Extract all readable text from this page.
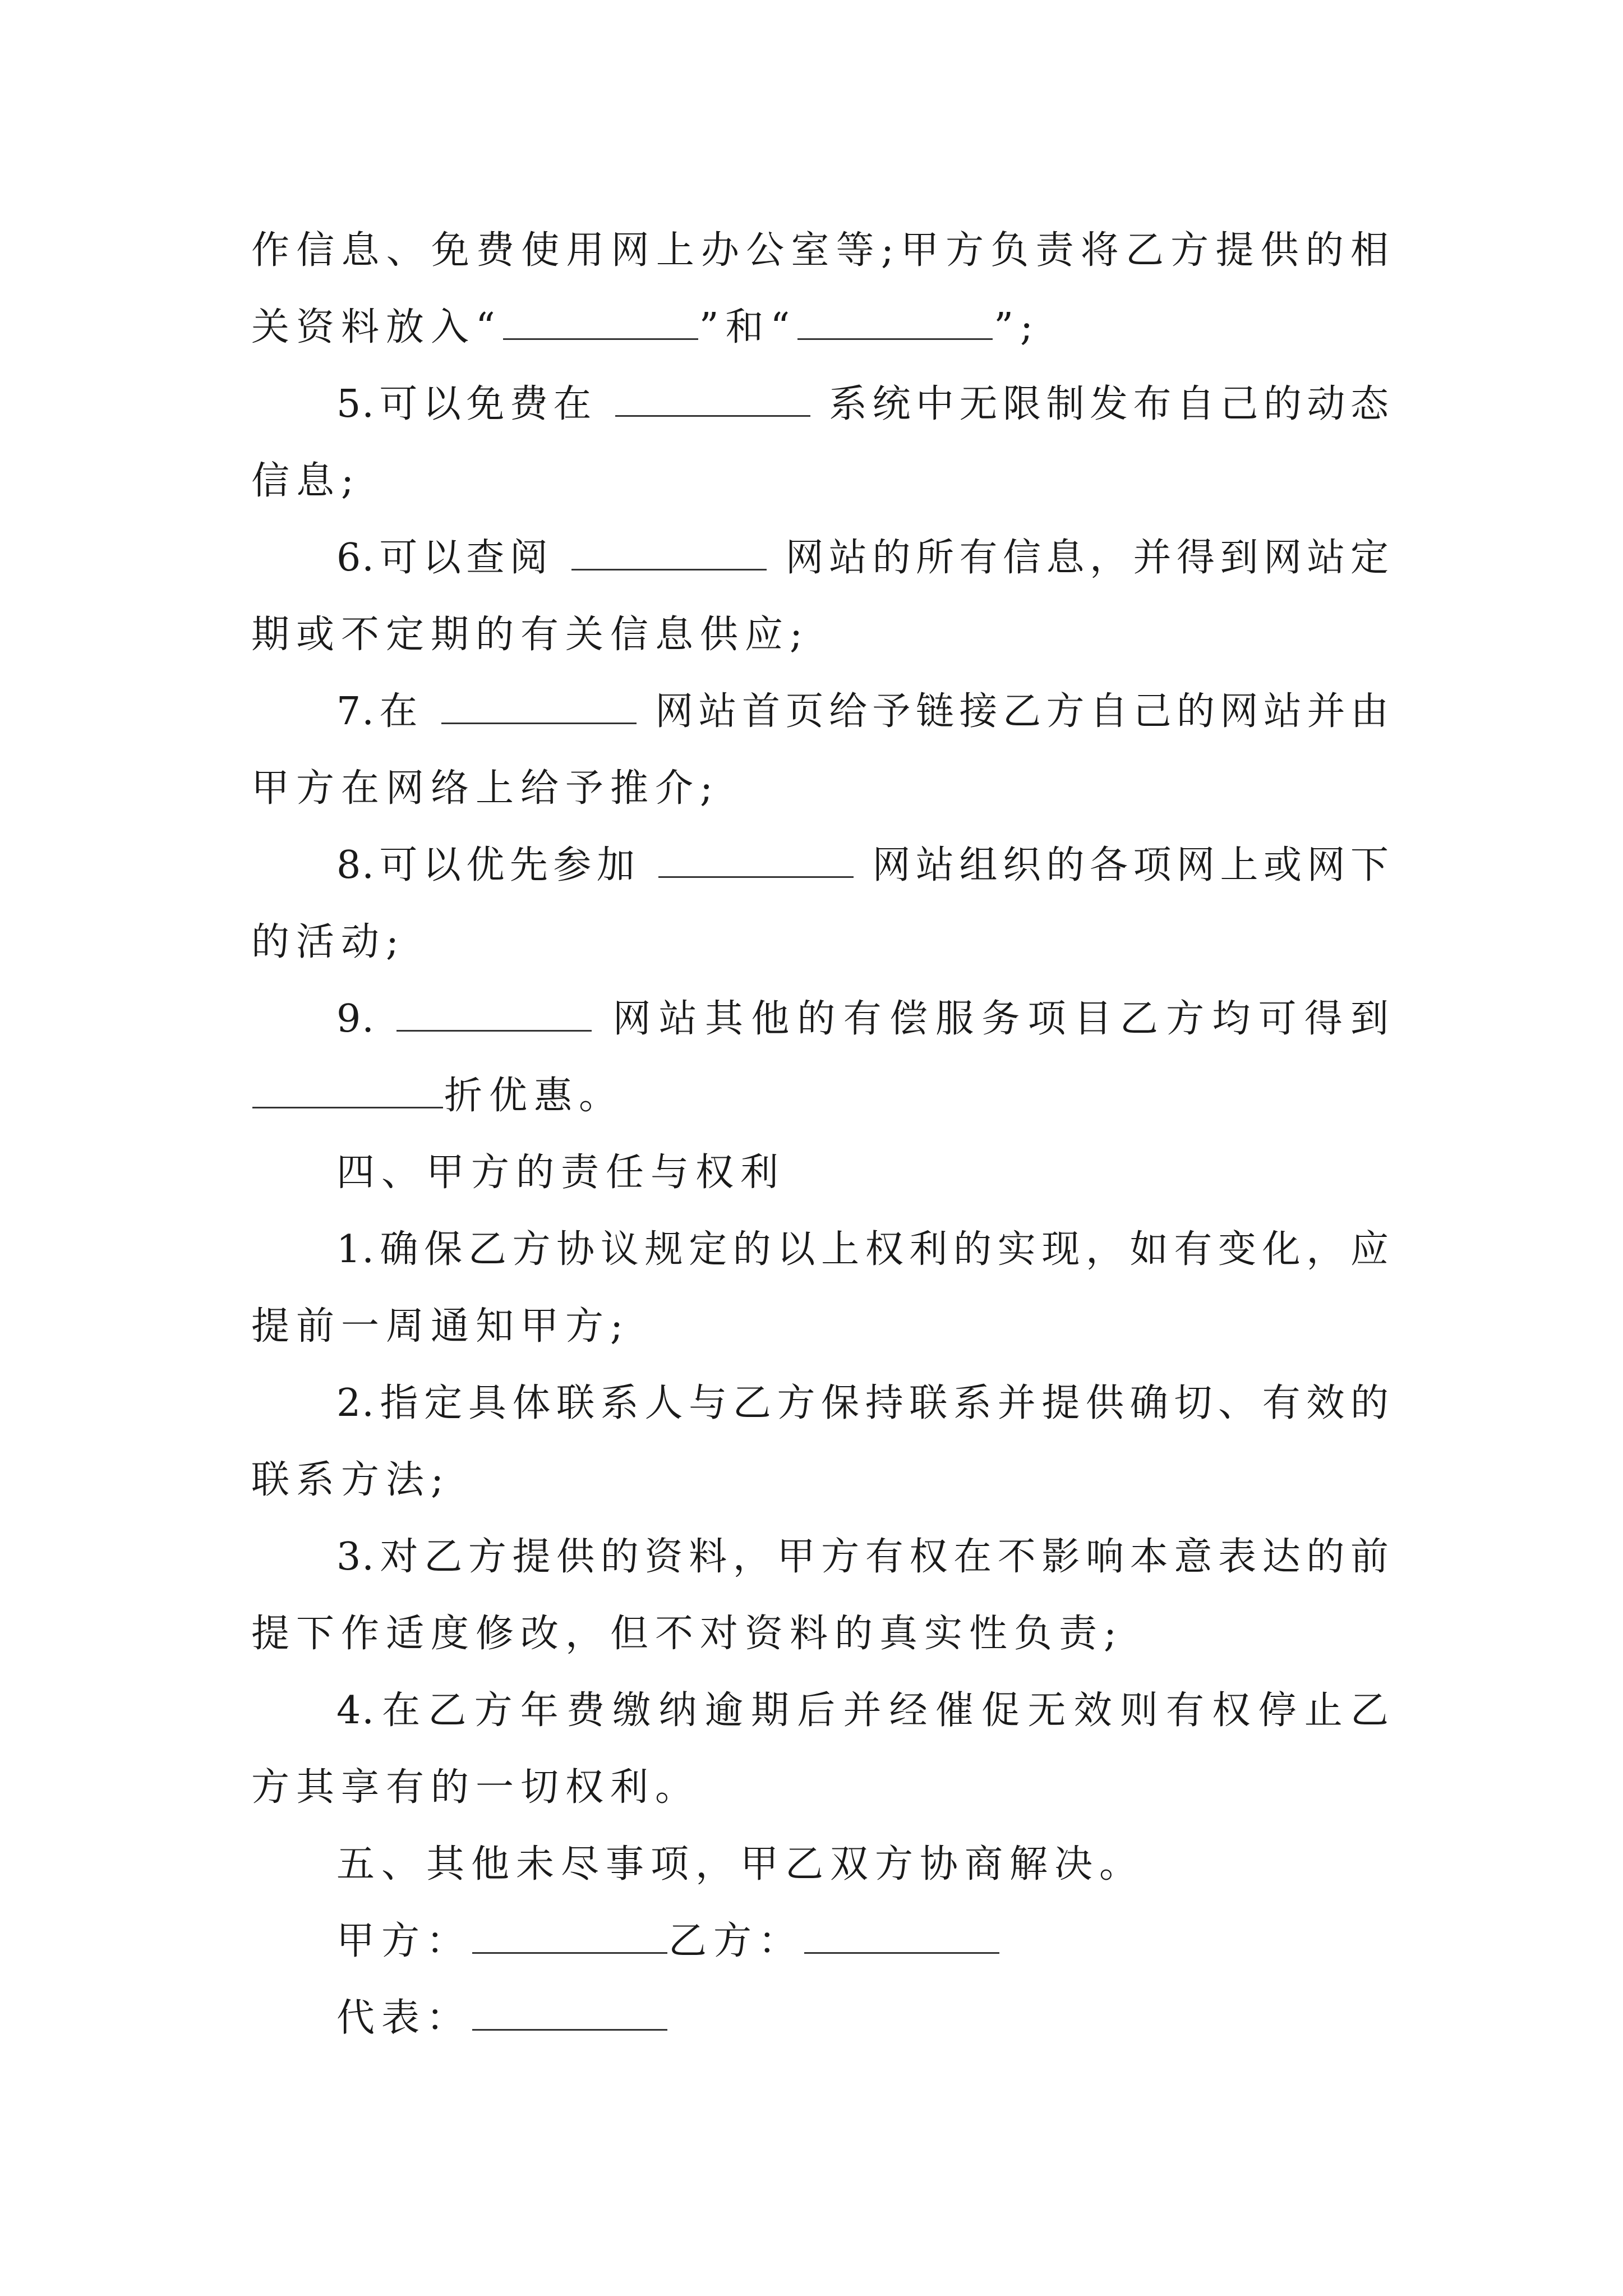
作信息、免费使用网上办公室等;甲方负责将乙方提供的相
关资料放入“	”和“	”;
5.可以免费在	系统中无限制发布自己的动态
信息;
6.可以查阅	网站的所有信息，并得到网站定
期或不定期的有关信息供应;
7.在	网站首页给予链接乙方自己的网站并由
甲方在网络上给予推介;
8.可以优先参加	网站组织的各项网上或网下
的活动;
9.	网站其他的有偿服务项目乙方均可得到
折优惠。
四、甲方的责任与权利
1.确保乙方协议规定的以上权利的实现，如有变化，应
提前一周通知甲方;
2.指定具体联系人与乙方保持联系并提供确切、有效的
联系方法;
3.对乙方提供的资料，甲方有权在不影响本意表达的前
提下作适度修改，但不对资料的真实性负责;
4.在乙方年费缴纳逾期后并经催促无效则有权停止乙
方其享有的一切权利。
五、其他未尽事项，甲乙双方协商解决。
甲方：	乙方：
代表：
